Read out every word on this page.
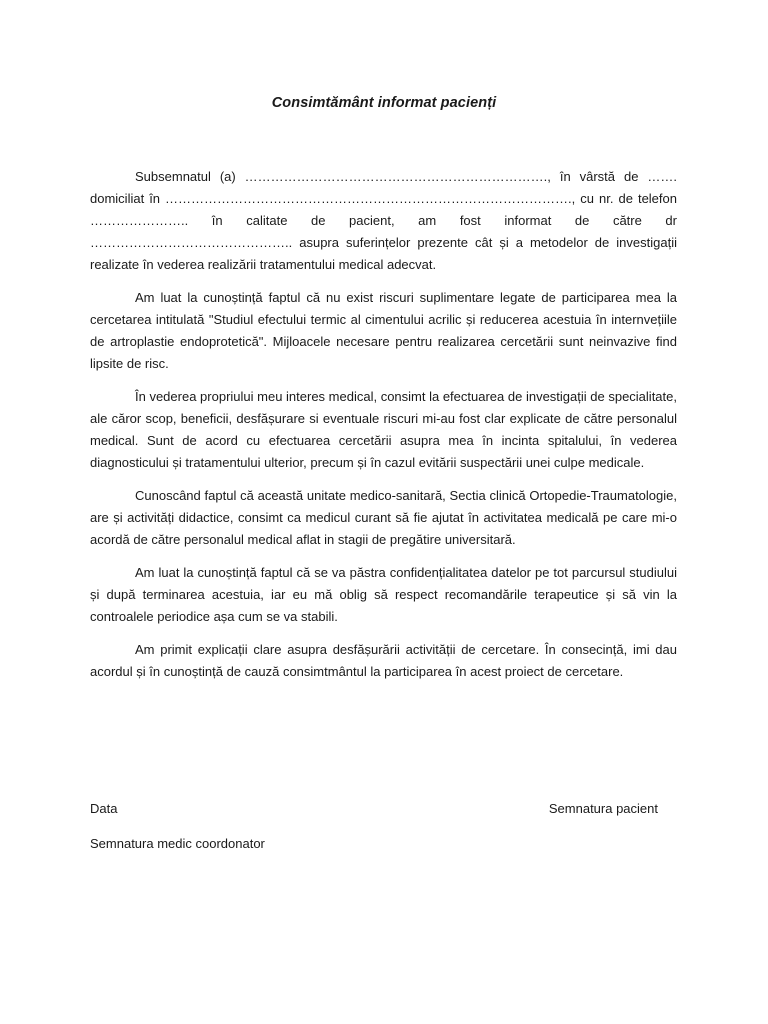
Consimtământ informat pacienți

Subsemnatul (a) ……………………………………………………………., în vârstă de ……. domiciliat în …………………………………………………………………………………., cu nr. de telefon ………………….. în calitate de pacient, am fost informat de către dr ……………………………………….. asupra suferințelor prezente cât și a metodelor de investigații realizate în vederea realizării tratamentului medical adecvat.

Am luat la cunoștință faptul că nu exist riscuri suplimentare legate de participarea mea la cercetarea intitulată "Studiul efectului termic al cimentului acrilic și reducerea acestuia în internvețiile de artroplastie endoprotetică". Mijloacele necesare pentru realizarea cercetării sunt neinvazive find lipsite de risc.

În vederea propriului meu interes medical, consimt la efectuarea de investigații de specialitate, ale căror scop, beneficii, desfășurare si eventuale riscuri mi-au fost clar explicate de către personalul medical. Sunt de acord cu efectuarea cercetării asupra mea în incinta spitalului, în vederea diagnosticului și tratamentului ulterior, precum și în cazul evitării suspectării unei culpe medicale.

Cunoscând faptul că această unitate medico-sanitară, Sectia clinică Ortopedie-Traumatologie, are și activități didactice, consimt ca medicul curant să fie ajutat în activitatea medicală pe care mi-o acordă de către personalul medical aflat in stagii de pregătire universitară.

Am luat la cunoștință faptul că se va păstra confidențialitatea datelor pe tot parcursul studiului și după terminarea acestuia, iar eu mă oblig să respect recomandările terapeutice și să vin la controalele periodice așa cum se va stabili.

Am primit explicații clare asupra desfășurării activității de cercetare. În consecință, imi dau acordul și în cunoștință de cauză consimtmântul la participarea în acest proiect de cercetare.

Data	Semnatura pacient
Semnatura medic coordonator
